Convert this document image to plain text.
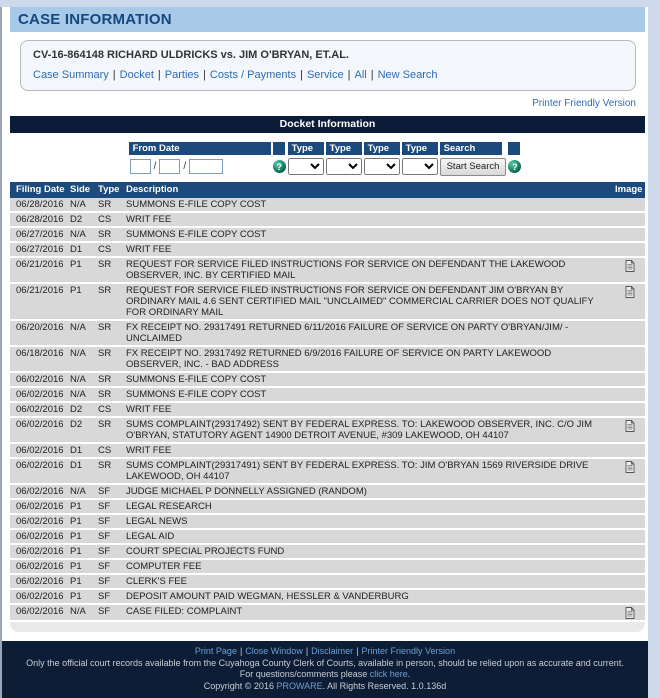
CASE INFORMATION
CV-16-864148 RICHARD ULDRICKS vs. JIM O'BRYAN, ET.AL.
Case Summary | Docket | Parties | Costs / Payments | Service | All | New Search
Printer Friendly Version
Docket Information
From Date
/	/	?
Type	Type	Type	Type	Search
Start Search	?
Filing Date Side Type Description	Image
06/28/2016 N/A	SR	SUMMONS E-FILE COPY COST
06/28/2016 D2	CS	WRIT FEE
06/27/2016 N/A	SR	SUMMONS E-FILE COPY COST
06/27/2016 D1	CS	WRIT FEE
06/21/2016 P1	SR	REQUEST FOR SERVICE FILED INSTRUCTIONS FOR SERVICE ON DEFENDANT THE LAKEWOOD OBSERVER, INC. BY CERTIFIED MAIL
06/21/2016 P1	SR	REQUEST FOR SERVICE FILED INSTRUCTIONS FOR SERVICE ON DEFENDANT JIM O'BRYAN BY ORDINARY MAIL 4.6 SENT CERTIFIED MAIL "UNCLAIMED" COMMERCIAL CARRIER DOES NOT QUALIFY FOR ORDINARY MAIL
06/20/2016 N/A	SR	FX RECEIPT NO. 29317491 RETURNED 6/11/2016 FAILURE OF SERVICE ON PARTY O'BRYAN/JIM/ - UNCLAIMED
06/18/2016 N/A	SR	FX RECEIPT NO. 29317492 RETURNED 6/9/2016 FAILURE OF SERVICE ON PARTY LAKEWOOD OBSERVER, INC. - BAD ADDRESS
06/02/2016 N/A	SR	SUMMONS E-FILE COPY COST
06/02/2016 N/A	SR	SUMMONS E-FILE COPY COST
06/02/2016 D2	CS	WRIT FEE
06/02/2016 D2	SR	SUMS COMPLAINT(29317492) SENT BY FEDERAL EXPRESS. TO: LAKEWOOD OBSERVER, INC. C/O JIM O'BRYAN, STATUTORY AGENT 14900 DETROIT AVENUE, #309 LAKEWOOD, OH 44107
06/02/2016 D1	CS	WRIT FEE
06/02/2016 D1	SR	SUMS COMPLAINT(29317491) SENT BY FEDERAL EXPRESS. TO: JIM O'BRYAN 1569 RIVERSIDE DRIVE LAKEWOOD, OH 44107
06/02/2016 N/A	SF	JUDGE MICHAEL P DONNELLY ASSIGNED (RANDOM)
06/02/2016 P1	SF	LEGAL RESEARCH
06/02/2016 P1	SF	LEGAL NEWS
06/02/2016 P1	SF	LEGAL AID
06/02/2016 P1	SF	COURT SPECIAL PROJECTS FUND
06/02/2016 P1	SF	COMPUTER FEE
06/02/2016 P1	SF	CLERK'S FEE
06/02/2016 P1	SF	DEPOSIT AMOUNT PAID WEGMAN, HESSLER & VANDERBURG
06/02/2016 N/A	SF	CASE FILED: COMPLAINT
Print Page | Close Window | Disclaimer | Printer Friendly Version
Only the official court records available from the Cuyahoga County Clerk of Courts, available in person, should be relied upon as accurate and current.
For questions/comments please click here.
Copyright © 2016 PROWARE. All Rights Reserved. 1.0.136d
